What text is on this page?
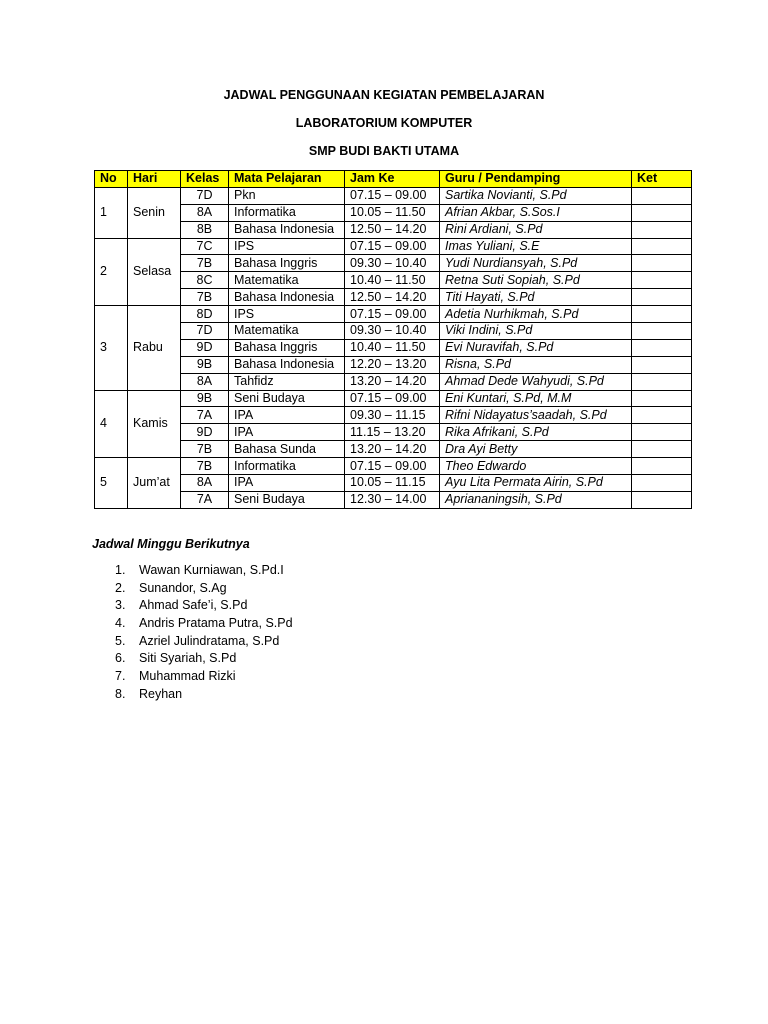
JADWAL PENGGUNAAN KEGIATAN PEMBELAJARAN
LABORATORIUM KOMPUTER
SMP BUDI BAKTI UTAMA
No	Hari	Kelas	Mata Pelajaran	Jam Ke	Guru / Pendamping	Ket
1	Senin	7D	Pkn	07.15 – 09.00	Sartika Novianti, S.Pd	
		8A	Informatika	10.05 – 11.50	Afrian Akbar, S.Sos.I	
		8B	Bahasa Indonesia	12.50 – 14.20	Rini Ardiani, S.Pd	
2	Selasa	7C	IPS	07.15 – 09.00	Imas Yuliani, S.E	
		7B	Bahasa Inggris	09.30 – 10.40	Yudi Nurdiansyah, S.Pd	
		8C	Matematika	10.40 – 11.50	Retna Suti Sopiah, S.Pd	
		7B	Bahasa Indonesia	12.50 – 14.20	Titi Hayati, S.Pd	
3	Rabu	8D	IPS	07.15 – 09.00	Adetia Nurhikmah, S.Pd	
		7D	Matematika	09.30 – 10.40	Viki Indini, S.Pd	
		9D	Bahasa Inggris	10.40 – 11.50	Evi Nuravifah, S.Pd	
		9B	Bahasa Indonesia	12.20 – 13.20	Risna, S.Pd	
		8A	Tahfidz	13.20 – 14.20	Ahmad Dede Wahyudi, S.Pd	
4	Kamis	9B	Seni Budaya	07.15 – 09.00	Eni Kuntari, S.Pd, M.M	
		7A	IPA	09.30 – 11.15	Rifni Nidayatus’saadah, S.Pd	
		9D	IPA	11.15 – 13.20	Rika Afrikani, S.Pd	
		7B	Bahasa Sunda	13.20 – 14.20	Dra Ayi Betty	
5	Jum’at	7B	Informatika	07.15 – 09.00	Theo Edwardo	
		8A	IPA	10.05 – 11.15	Ayu Lita Permata Airin, S.Pd	
		7A	Seni Budaya	12.30 – 14.00	Apriananingsih, S.Pd	
Jadwal Minggu Berikutnya
1. Wawan Kurniawan, S.Pd.I
2. Sunandor, S.Ag
3. Ahmad Safe’i, S.Pd
4. Andris Pratama Putra, S.Pd
5. Azriel Julindratama, S.Pd
6. Siti Syariah, S.Pd
7. Muhammad Rizki
8. Reyhan
